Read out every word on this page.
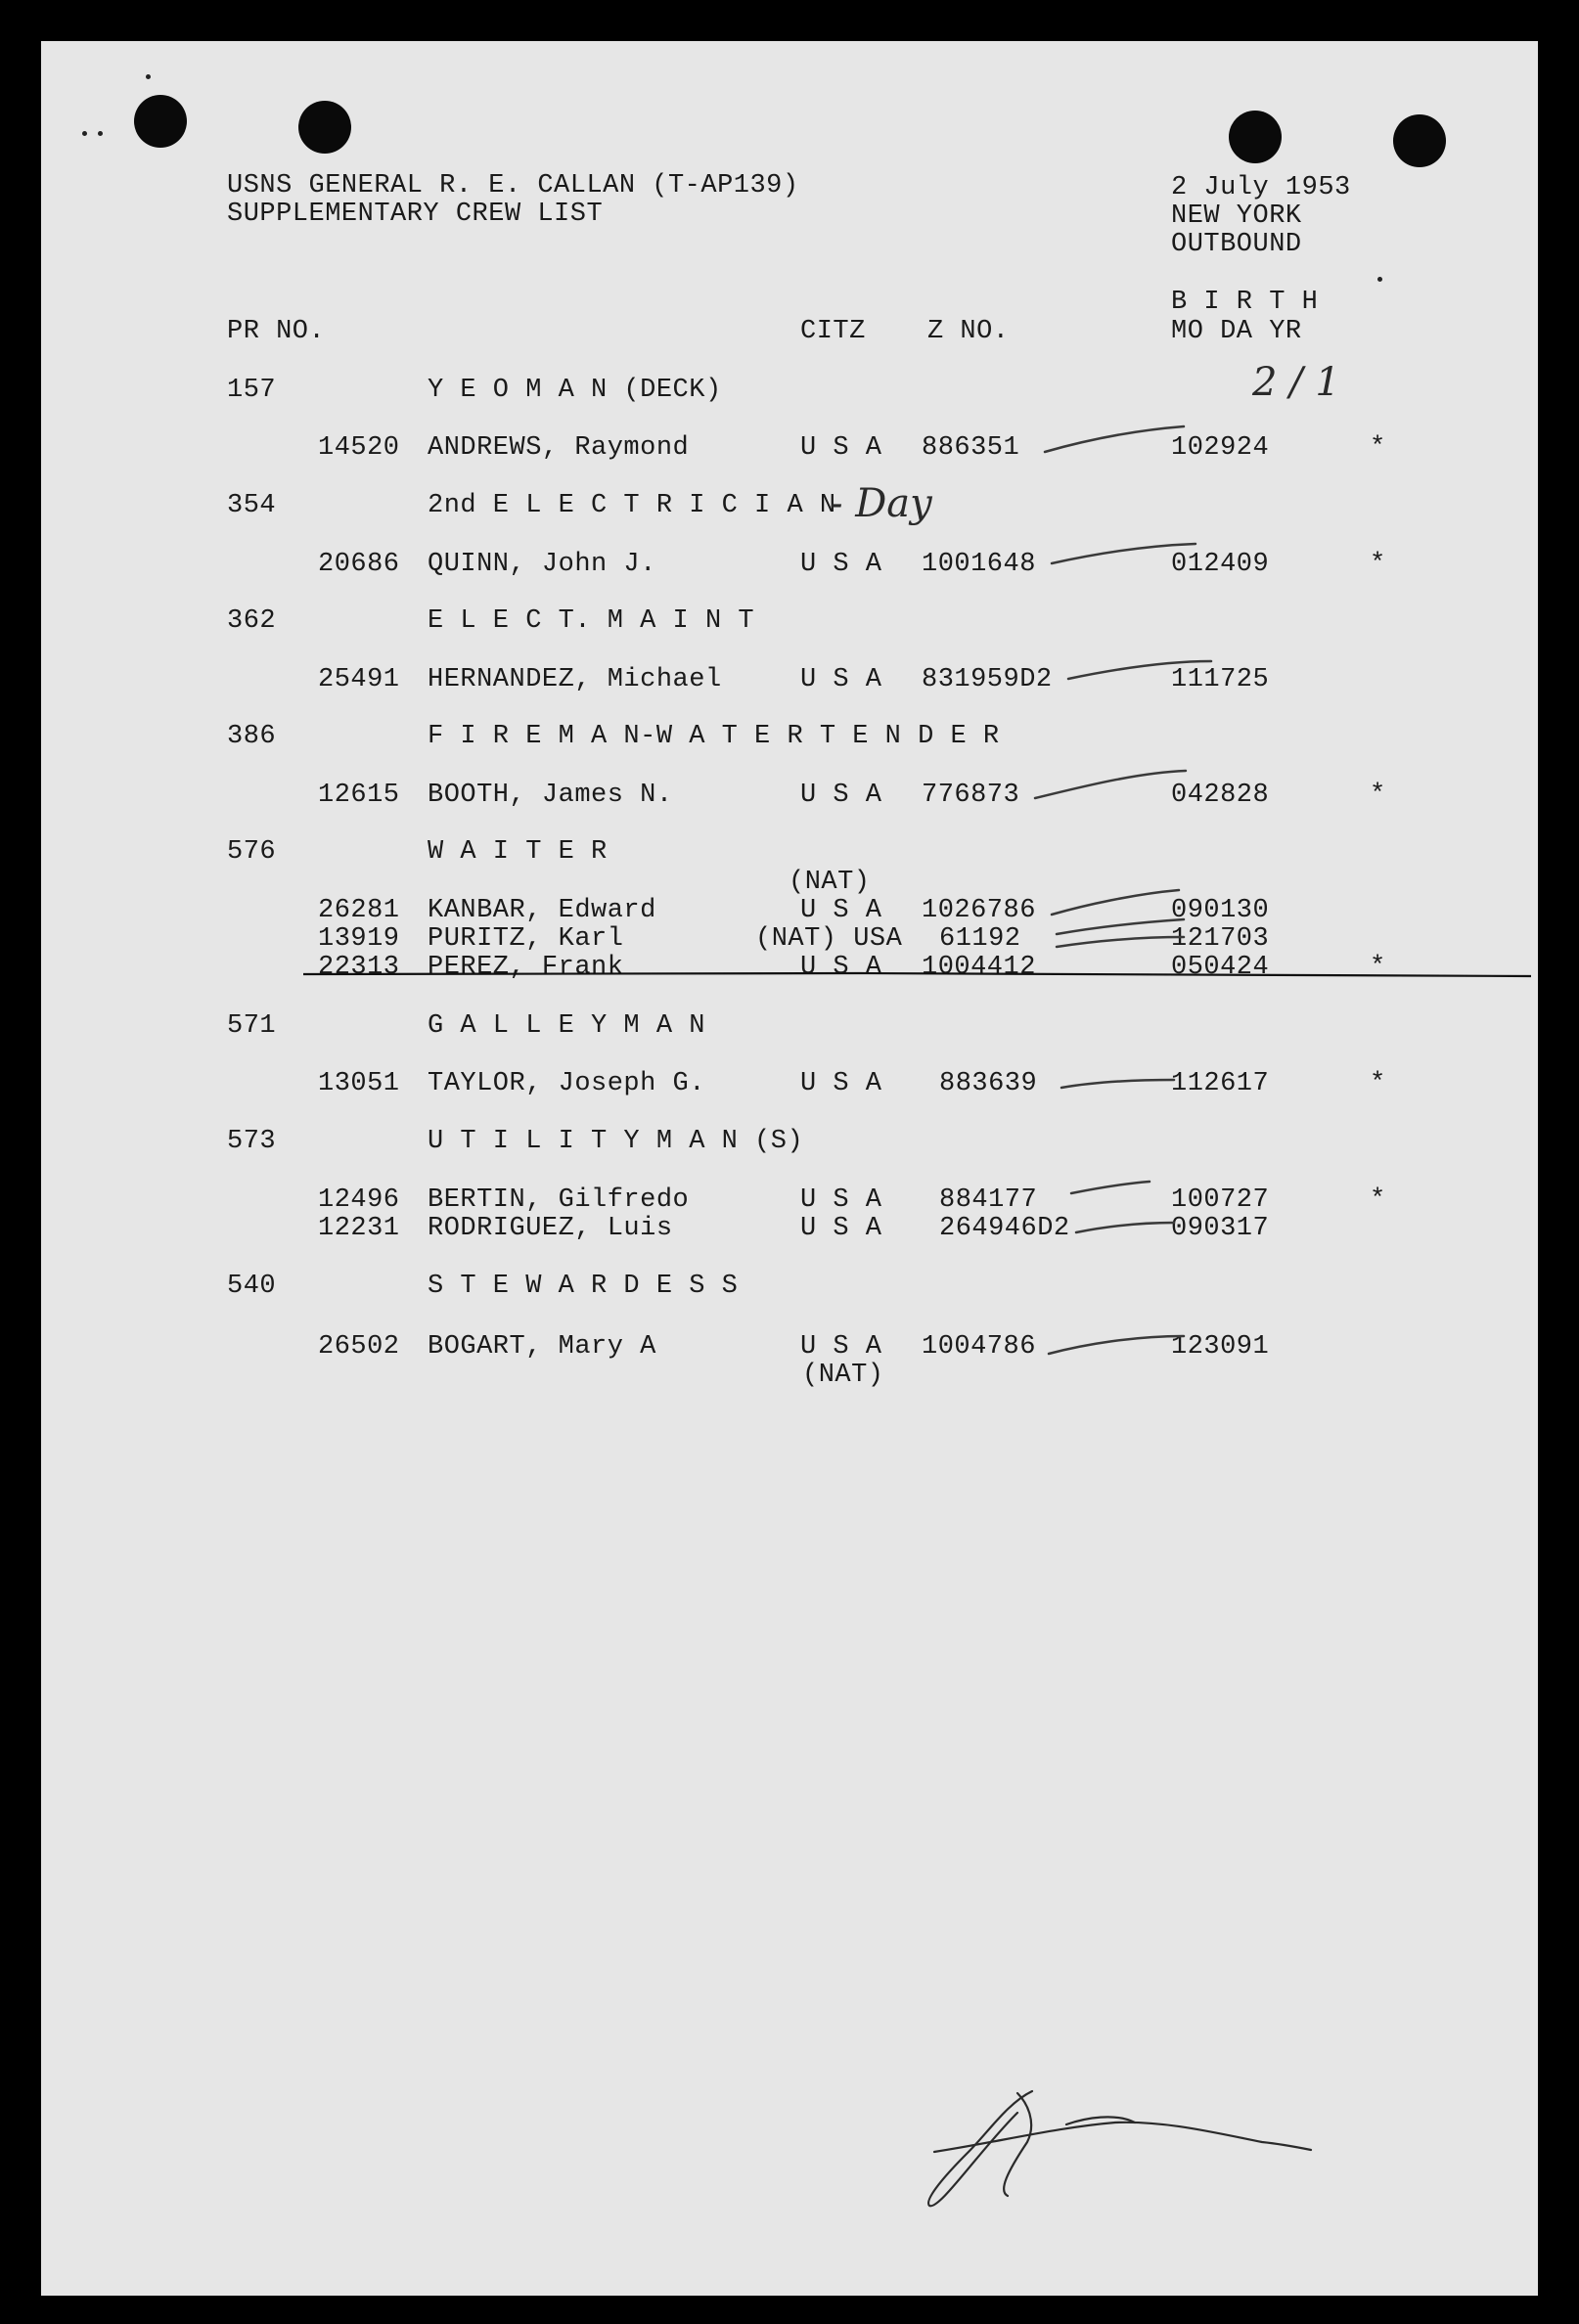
USNS GENERAL R. E. CALLAN (T-AP139)
SUPPLEMENTARY CREW LIST
2 July 1953
NEW YORK
OUTBOUND
B I R T H
PR NO.	CITZ Z NO.	MO DA YR
2 / 1
157	Y E O M A N (DECK)
14520 ANDREWS, Raymond	U S A 886351	102924	*
354	2nd E L E C T R I C I A N
- Day
20686 QUINN, John J.	U S A 1001648	012409	*
362	E L E C T. M A I N T
25491 HERNANDEZ, Michael	U S A 831959D2	111725
386	F I R E M A N-W A T E R T E N D E R
12615 BOOTH, James N.	U S A 776873	042828	*
576	W A I T E R
(NAT)
26281 KANBAR, Edward	U S A 1026786	090130
13919 PURITZ, Karl	(NAT) USA 61192	121703
22313 PEREZ, Frank	U S A 1004412	050424	*
571	G A L L E Y M A N
13051 TAYLOR, Joseph G.	U S A 883639	112617	*
573	U T I L I T Y M A N (S)
12496 BERTIN, Gilfredo	U S A 884177	100727	*
12231 RODRIGUEZ, Luis	U S A 264946D2	090317
540	S T E W A R D E S S
26502 BOGART, Mary A	U S A 1004786	123091
(NAT)
